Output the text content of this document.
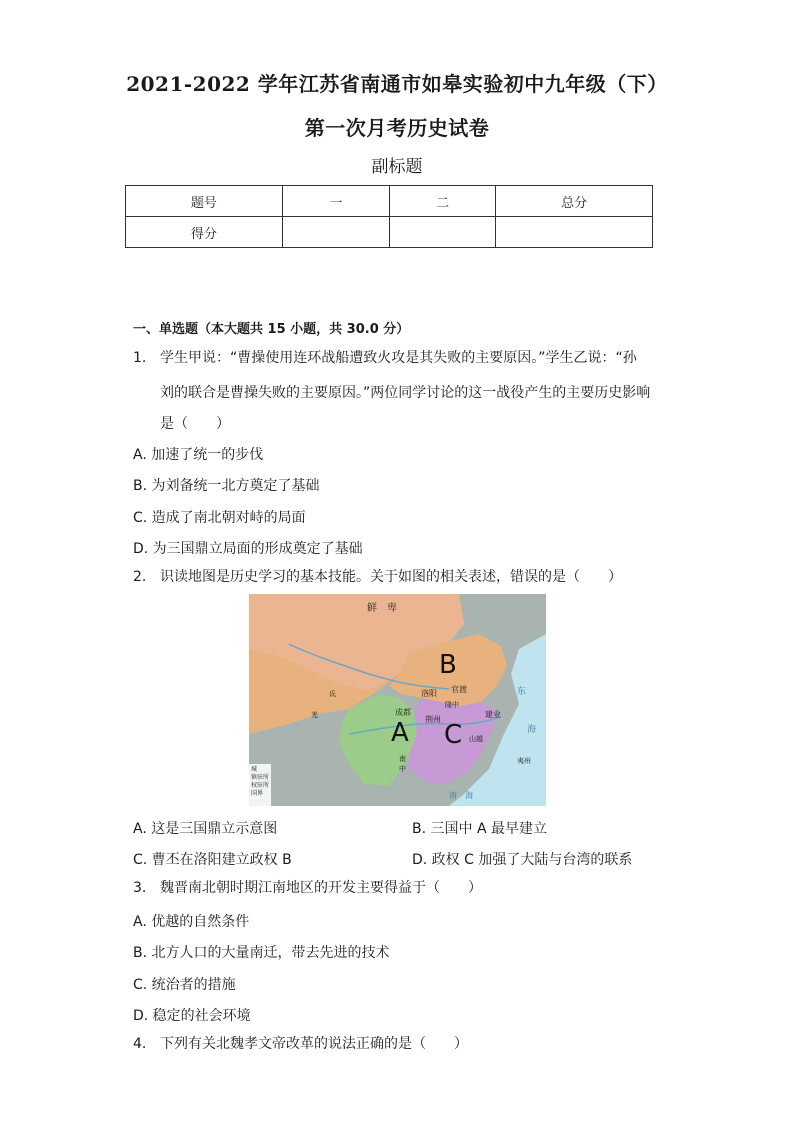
2021-2022 学年江苏省南通市如皋实验初中九年级（下）
第一次月考历史试卷
副标题
题号	一	二	总分
得分			
一、单选题（本大题共 15 小题，共 30.0 分）
1. 学生甲说：“曹操使用连环战船遭致火攻是其失败的主要原因。”学生乙说：“孙
刘的联合是曹操失败的主要原因。”两位同学讨论的这一战役产生的主要历史影响
是（　　）
A. 加速了统一的步伐
B. 为刘备统一北方奠定了基础
C. 造成了南北朝对峙的局面
D. 为三国鼎立局面的形成奠定了基础
2. 识读地图是历史学习的基本技能。关于如图的相关表述，错误的是（　　）
鲜　卑
洛阳 官渡
成都
荆州
隆中
建业
山越
南中
东
海
夷州
南　海
氐
羌
B
A C
城
镇驻所
权驻所
国界
A. 这是三国鼎立示意图	B. 三国中 A 最早建立
C. 曹丕在洛阳建立政权 B	D. 政权 C 加强了大陆与台湾的联系
3. 魏晋南北朝时期江南地区的开发主要得益于（　　）
A. 优越的自然条件
B. 北方人口的大量南迁，带去先进的技术
C. 统治者的措施
D. 稳定的社会环境
4. 下列有关北魏孝文帝改革的说法正确的是（　　）
